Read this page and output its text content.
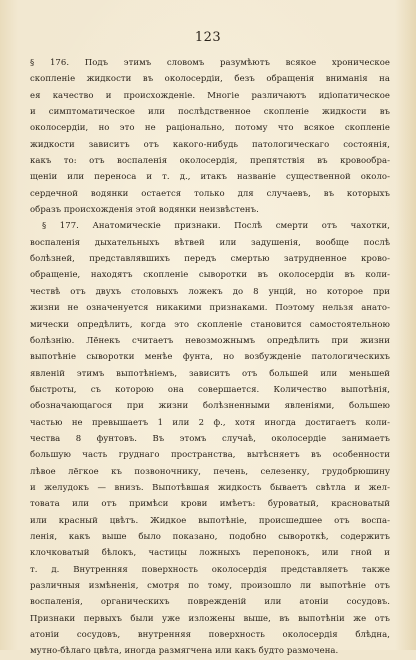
123
§ 176. Подъ этимъ словомъ разумѣютъ всякое хроническое
скопленіе жидкости въ околосердіи, безъ обращенія вниманія на
ея качество и происхожденіе. Многіе различаютъ идіопатическое
и симптоматическое или послѣдственное скопленіе жидкости въ
околосердіи, но это не раціонально, потому что всякое скопленіе
жидкости зависитъ отъ какого-нибудь патологическаго состоянія,
какъ то: отъ воспаленія околосердія, препятствія въ кровообра-
щеніи или переноса и т. д., итакъ названіе существенной около-
сердечной водянки остается только для случаевъ, въ которыхъ
образъ происхожденія этой водянки неизвѣстенъ.
§ 177. Анатомическіе признаки. Послѣ смерти отъ чахотки,
воспаленія дыхательныхъ вѣтвей или задушенія, вообще послѣ
болѣзней, представлявшихъ передъ смертью затрудненное крово-
обращеніе, находятъ скопленіе сыворотки въ околосердіи въ коли-
чествѣ отъ двухъ столовыхъ ложекъ до 8 унцій, но которое при
жизни не означенуется никакими признаками. Поэтому нельзя анато-
мически опредѣлить, когда это скопленіе становится самостоятельною
болѣзнію. Лёнекъ считаетъ невозможнымъ опредѣлить при жизни
выпотѣніе сыворотки менѣе фунта, но возбужденіе патологическихъ
явленій этимъ выпотѣніемъ, зависитъ отъ большей или меньшей
быстроты, съ которою она совершается. Количество выпотѣнія,
обозначающагося при жизни болѣзненными явленіями, большею
частью не превышаетъ 1 или 2 ф., хотя иногда достигаетъ коли-
чества 8 фунтовъ. Въ этомъ случаѣ, околосердіе занимаетъ
большую часть груднаго пространства, вытѣсняетъ въ особенности
лѣвое лёгкое къ позвоночнику, печень, селезенку, грудобрюшину
и желудокъ — внизъ. Выпотѣвшая жидкость бываетъ свѣтла и жел-
товата или отъ примѣси крови имѣетъ: буроватый, красноватый
или красный цвѣтъ. Жидкое выпотѣніе, происшедшее отъ воспа-
ленія, какъ выше было показано, подобно сывороткѣ, содержитъ
клочковатый бѣлокъ, частицы ложныхъ перепонокъ, или гной и
т. д. Внутренняя поверхность околосердія представляетъ также
различныя измѣненія, смотря по тому, произошло ли выпотѣніе отъ
воспаленія, органическихъ поврежденій или атоніи сосудовъ.
Признаки первыхъ были уже изложены выше, въ выпотѣніи же отъ
атоніи сосудовъ, внутренняя поверхность околосердія блѣдна,
мутно-бѣлаго цвѣта, иногда размягчена или какъ будто размочена.
